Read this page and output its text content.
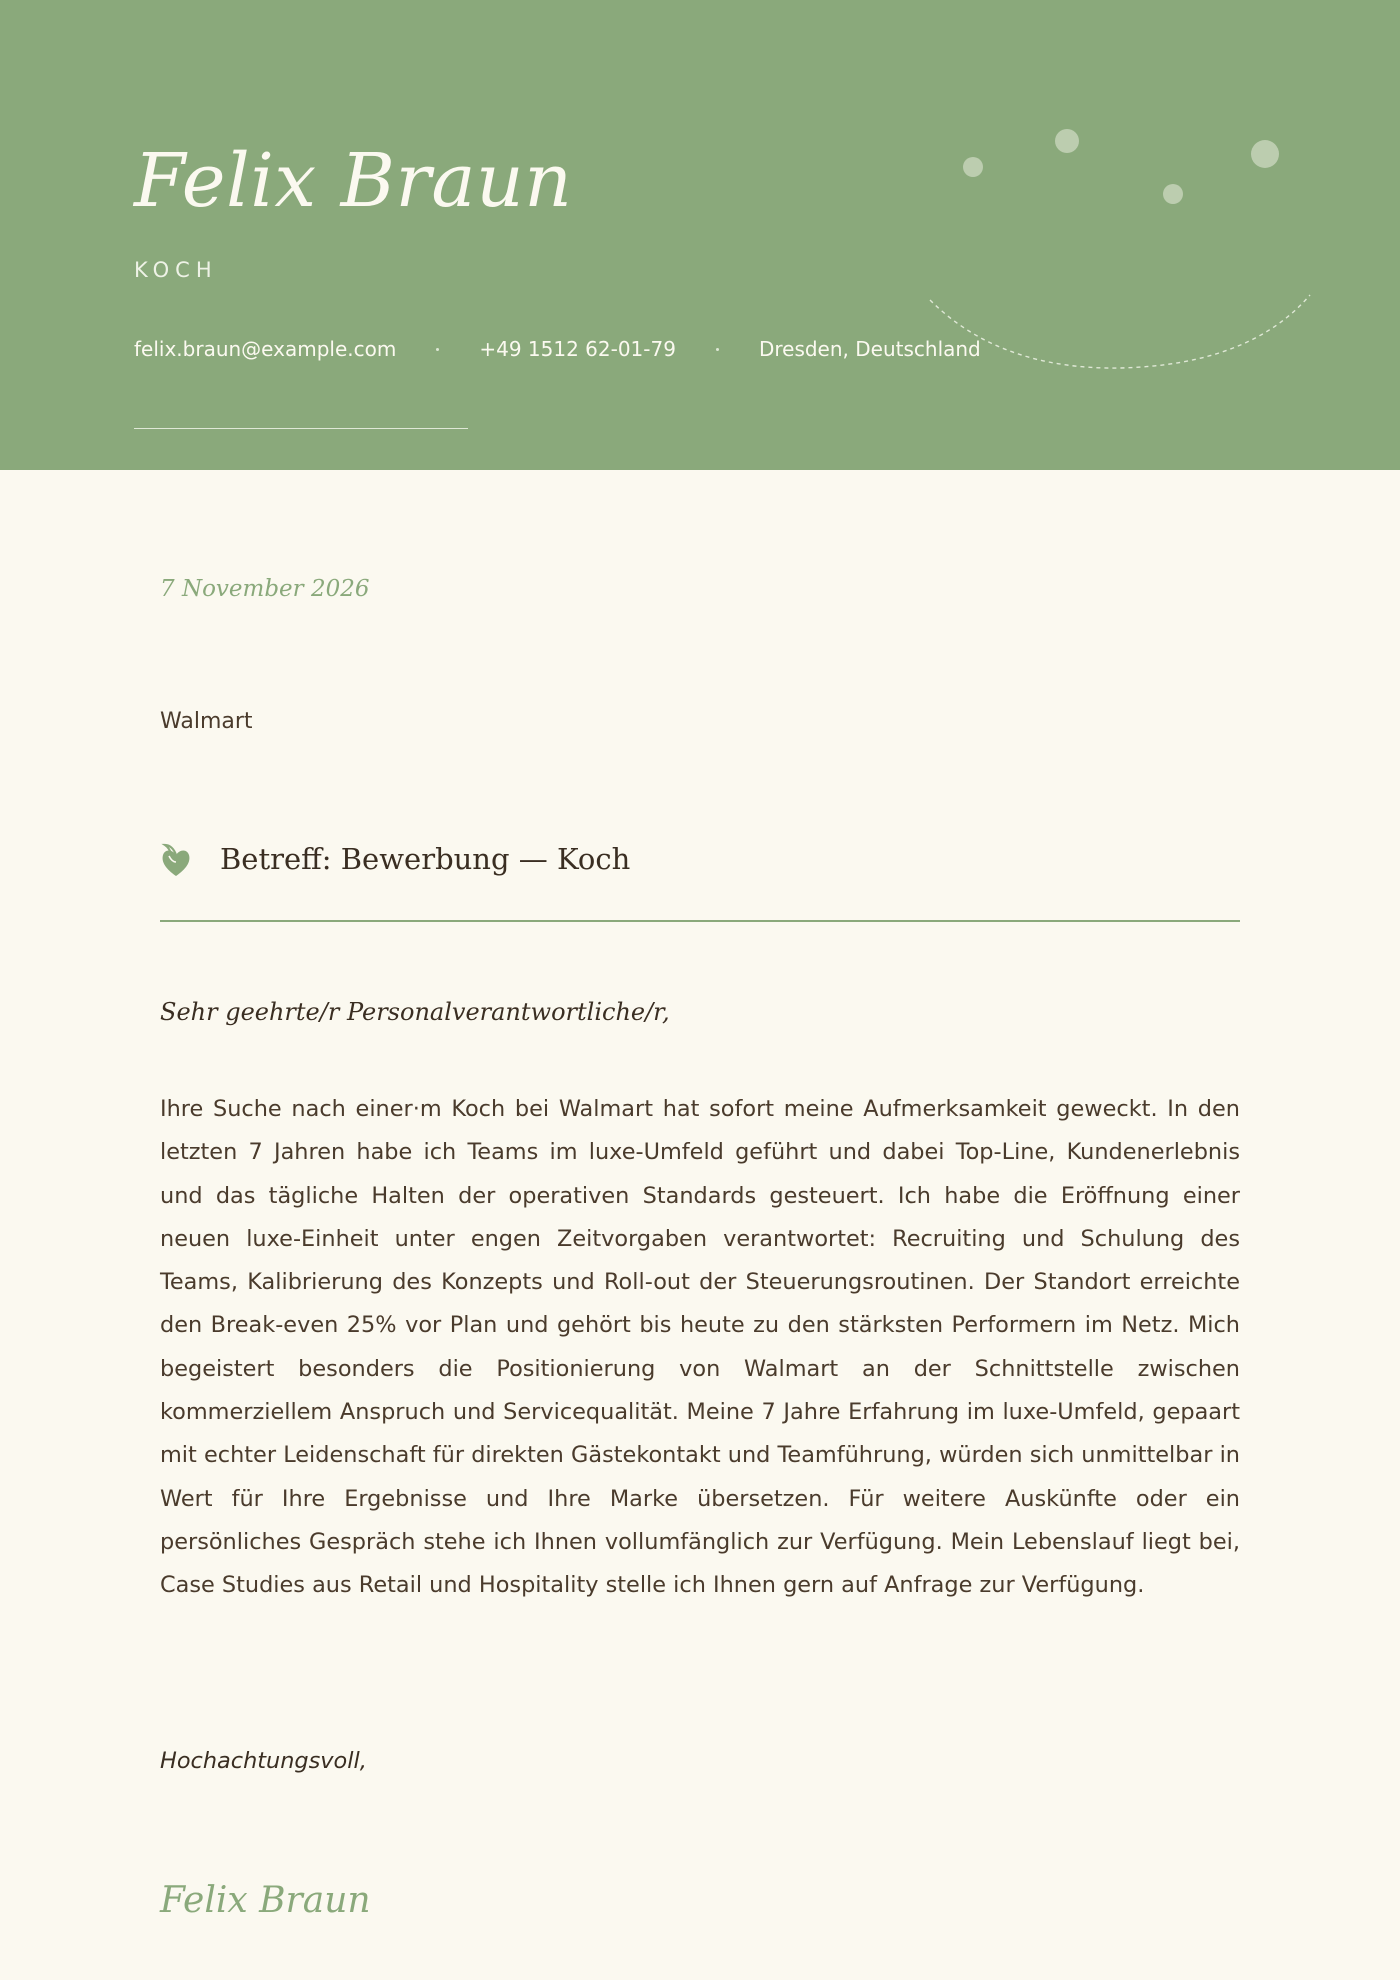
Felix Braun
KOCH
felix.braun@example.com	+49 1512 62-01-79	Dresden, Deutschland
7 November 2026
Walmart
Betreff: Bewerbung — Koch
Sehr geehrte/r Personalverantwortliche/r,

Ihre Suche nach einer·m Koch bei Walmart hat sofort meine Aufmerksamkeit geweckt. In den letzten 7 Jahren habe ich Teams im luxe-Umfeld geführt und dabei Top-Line, Kundenerlebnis und das tägliche Halten der operativen Standards gesteuert. Ich habe die Eröffnung einer neuen luxe-Einheit unter engen Zeitvorgaben verantwortet: Recruiting und Schulung des Teams, Kalibrierung des Konzepts und Roll-out der Steuerungsroutinen. Der Standort erreichte den Break-even 25% vor Plan und gehört bis heute zu den stärksten Performern im Netz. Mich begeistert besonders die Positionierung von Walmart an der Schnittstelle zwischen kommerziellem Anspruch und Servicequalität. Meine 7 Jahre Erfahrung im luxe-Umfeld, gepaart mit echter Leidenschaft für direkten Gästekontakt und Teamführung, würden sich unmittelbar in Wert für Ihre Ergebnisse und Ihre Marke übersetzen. Für weitere Auskünfte oder ein persönliches Gespräch stehe ich Ihnen vollumfänglich zur Verfügung. Mein Lebenslauf liegt bei, Case Studies aus Retail und Hospitality stelle ich Ihnen gern auf Anfrage zur Verfügung.

Hochachtungsvoll,
Felix Braun
